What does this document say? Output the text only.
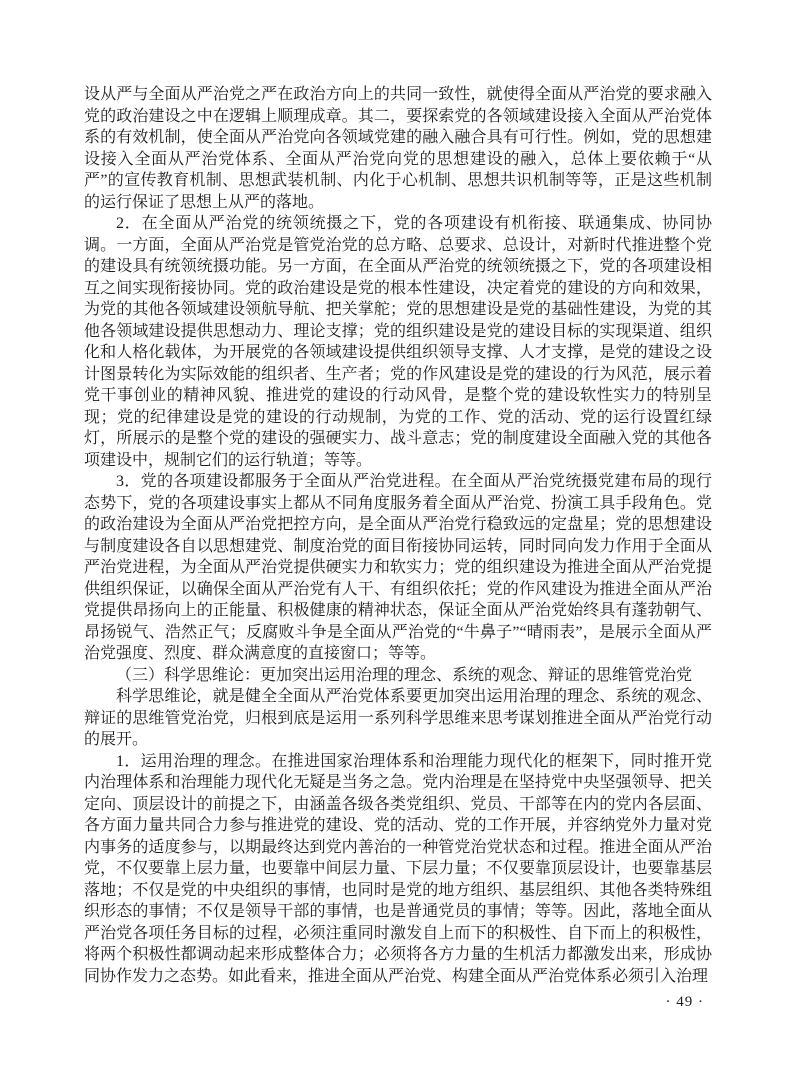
设从严与全面从严治党之严在政治方向上的共同一致性，就使得全面从严治党的要求融入党的政治建设之中在逻辑上顺理成章。其二，要探索党的各领域建设接入全面从严治党体系的有效机制，使全面从严治党向各领域党建的融入融合具有可行性。例如，党的思想建设接入全面从严治党体系、全面从严治党向党的思想建设的融入，总体上要依赖于“从严”的宣传教育机制、思想武装机制、内化于心机制、思想共识机制等等，正是这些机制的运行保证了思想上从严的落地。

2．在全面从严治党的统领统摄之下，党的各项建设有机衔接、联通集成、协同协调。一方面，全面从严治党是管党治党的总方略、总要求、总设计，对新时代推进整个党的建设具有统领统摄功能。另一方面，在全面从严治党的统领统摄之下，党的各项建设相互之间实现衔接协同。党的政治建设是党的根本性建设，决定着党的建设的方向和效果，为党的其他各领域建设领航导航、把关掌舵；党的思想建设是党的基础性建设，为党的其他各领域建设提供思想动力、理论支撑；党的组织建设是党的建设目标的实现渠道、组织化和人格化载体，为开展党的各领域建设提供组织领导支撑、人才支撑，是党的建设之设计图景转化为实际效能的组织者、生产者；党的作风建设是党的建设的行为风范，展示着党干事创业的精神风貌、推进党的建设的行动风骨，是整个党的建设软性实力的特别呈现；党的纪律建设是党的建设的行动规制，为党的工作、党的活动、党的运行设置红绿灯，所展示的是整个党的建设的强硬实力、战斗意志；党的制度建设全面融入党的其他各项建设中，规制它们的运行轨道；等等。

3．党的各项建设都服务于全面从严治党进程。在全面从严治党统摄党建布局的现行态势下，党的各项建设事实上都从不同角度服务着全面从严治党、扮演工具手段角色。党的政治建设为全面从严治党把控方向，是全面从严治党行稳致远的定盘星；党的思想建设与制度建设各自以思想建党、制度治党的面目衔接协同运转，同时同向发力作用于全面从严治党进程，为全面从严治党提供硬实力和软实力；党的组织建设为推进全面从严治党提供组织保证，以确保全面从严治党有人干、有组织依托；党的作风建设为推进全面从严治党提供昂扬向上的正能量、积极健康的精神状态，保证全面从严治党始终具有蓬勃朝气、昂扬锐气、浩然正气；反腐败斗争是全面从严治党的“牛鼻子”“晴雨表”，是展示全面从严治党强度、烈度、群众满意度的直接窗口；等等。

（三）科学思维论：更加突出运用治理的理念、系统的观念、辩证的思维管党治党

科学思维论，就是健全全面从严治党体系要更加突出运用治理的理念、系统的观念、辩证的思维管党治党，归根到底是运用一系列科学思维来思考谋划推进全面从严治党行动的展开。

1．运用治理的理念。在推进国家治理体系和治理能力现代化的框架下，同时推开党内治理体系和治理能力现代化无疑是当务之急。党内治理是在坚持党中央坚强领导、把关定向、顶层设计的前提之下，由涵盖各级各类党组织、党员、干部等在内的党内各层面、各方面力量共同合力参与推进党的建设、党的活动、党的工作开展，并容纳党外力量对党内事务的适度参与，以期最终达到党内善治的一种管党治党状态和过程。推进全面从严治党，不仅要靠上层力量，也要靠中间层力量、下层力量；不仅要靠顶层设计，也要靠基层落地；不仅是党的中央组织的事情，也同时是党的地方组织、基层组织、其他各类特殊组织形态的事情；不仅是领导干部的事情，也是普通党员的事情；等等。因此，落地全面从严治党各项任务目标的过程，必须注重同时激发自上而下的积极性、自下而上的积极性，将两个积极性都调动起来形成整体合力；必须将各方力量的生机活力都激发出来，形成协同协作发力之态势。如此看来，推进全面从严治党、构建全面从严治党体系必须引入治理

· 49 ·
